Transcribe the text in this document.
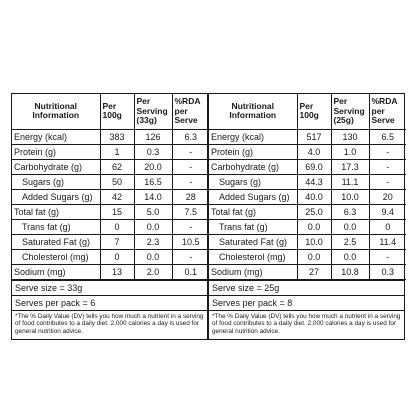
Nutritional Information	Per 100g	Per Serving (33g)	%RDA per Serve
Energy (kcal)	383	126	6.3
Protein (g)	1	0.3	-
Carbohydrate (g)	62	20.0	-
Sugars (g)	50	16.5	-
Added Sugars (g)	42	14.0	28
Total fat (g)	15	5.0	7.5
Trans fat (g)	0	0.0	-
Saturated Fat (g)	7	2.3	10.5
Cholesterol (mg)	0	0.0	-
Sodium (mg)	13	2.0	0.1
Serve size = 33g
Serves per pack = 6
*The % Daily Value (DV) tells you how much a nutrient in a serving of food contributes to a daily diet. 2,000 calories a day is used for general nutrition advice.
Nutritional Information	Per 100g	Per Serving (25g)	%RDA per Serve
Energy (kcal)	517	130	6.5
Protein (g)	4.0	1.0	-
Carbohydrate (g)	69.0	17.3	-
Sugars (g)	44.3	11.1	-
Added Sugars (g)	40.0	10.0	20
Total fat (g)	25.0	6.3	9.4
Trans fat (g)	0.0	0.0	0
Saturated Fat (g)	10.0	2.5	11.4
Cholesterol (mg)	0.0	0.0	-
Sodium (mg)	27	10.8	0.3
Serve size = 25g
Serves per pack = 8
*The % Daily Value (DV) tells you how much a nutrient in a serving of food contributes to a daily diet. 2,000 calories a day is used for general nutrition advice.
